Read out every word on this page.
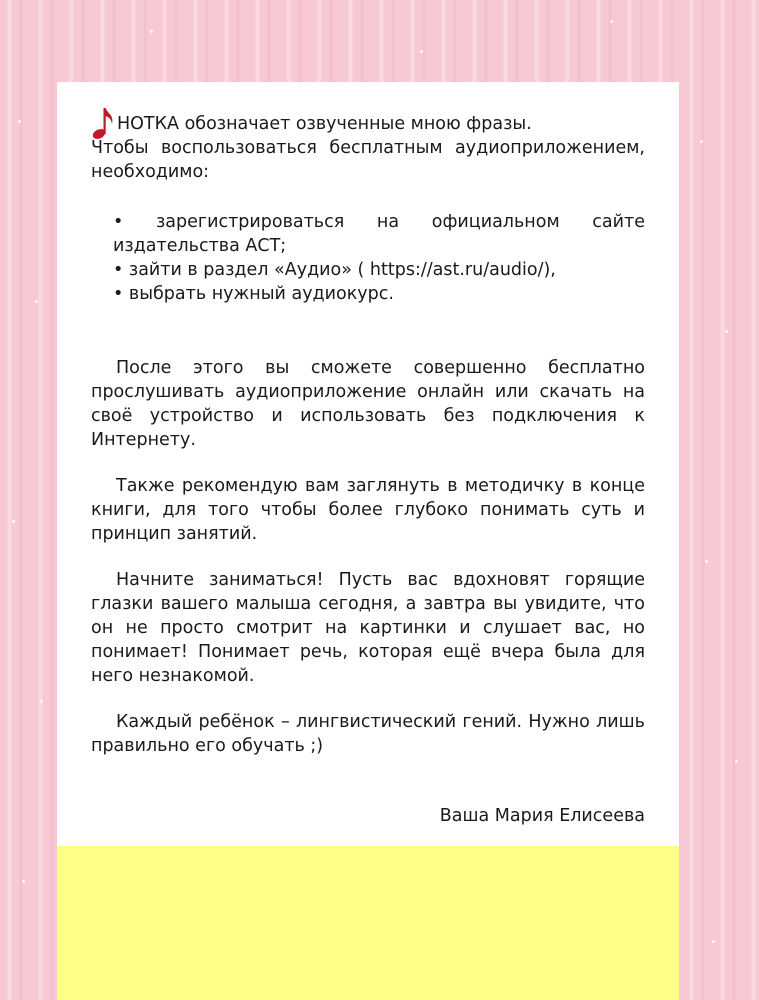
НОТКА обозначает озвученные мною фразы.

Чтобы воспользоваться бесплатным аудиоприложением, необходимо:

• зарегистрироваться на официальном сайте издательства АСТ;

• зайти в раздел «Аудио» ( https://ast.ru/audio/),

• выбрать нужный аудиокурс.

После этого вы сможете совершенно бесплатно прослушивать аудиоприложение онлайн или скачать на своё устройство и использовать без подключения к Интернету.

Также рекомендую вам заглянуть в методичку в конце книги, для того чтобы более глубоко понимать суть и принцип занятий.

Начните заниматься! Пусть вас вдохновят горящие глазки вашего малыша сегодня, а завтра вы увидите, что он не просто смотрит на картинки и слушает вас, но понимает! Понимает речь, которая ещё вчера была для него незнакомой.

Каждый ребёнок – лингвистический гений. Нужно лишь правильно его обучать ;)

Ваша Мария Елисеева
